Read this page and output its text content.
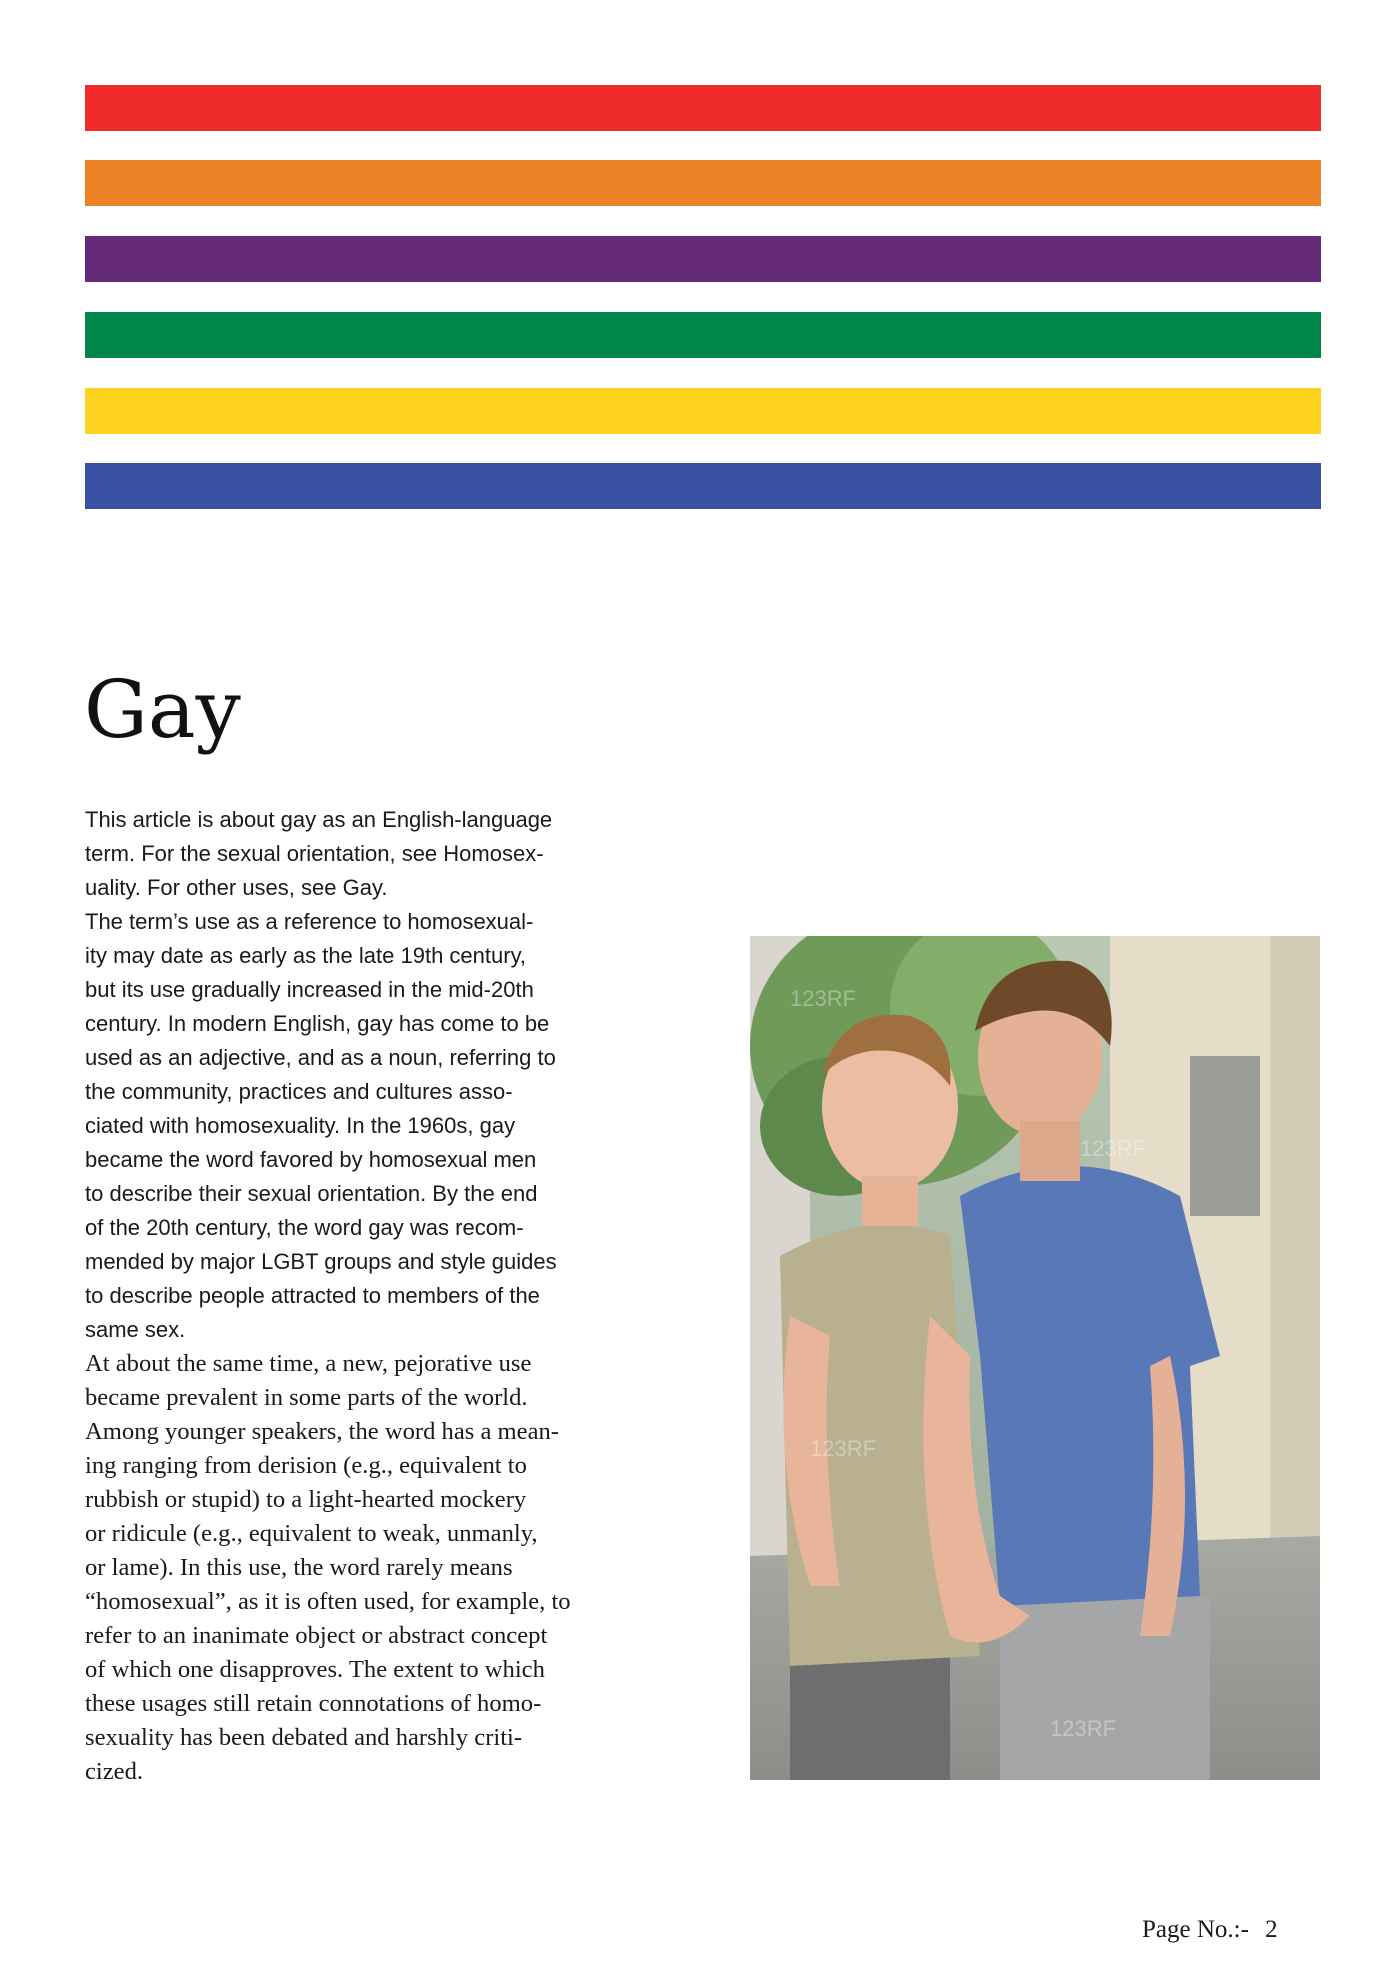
Gay
This article is about gay as an English-language
term. For the sexual orientation, see Homosex-
uality. For other uses, see Gay.
The term’s use as a reference to homosexual-
ity may date as early as the late 19th century,
but its use gradually increased in the mid-20th
century. In modern English, gay has come to be
used as an adjective, and as a noun, referring to
the community, practices and cultures asso-
ciated with homosexuality. In the 1960s, gay
became the word favored by homosexual men
to describe their sexual orientation. By the end
of the 20th century, the word gay was recom-
mended by major LGBT groups and style guides
to describe people attracted to members of the
same sex.
At about the same time, a new, pejorative use
became prevalent in some parts of the world.
Among younger speakers, the word has a mean-
ing ranging from derision (e.g., equivalent to
rubbish or stupid) to a light-hearted mockery
or ridicule (e.g., equivalent to weak, unmanly,
or lame). In this use, the word rarely means
“homosexual”, as it is often used, for example, to
refer to an inanimate object or abstract concept
of which one disapproves. The extent to which
these usages still retain connotations of homo-
sexuality has been debated and harshly criti-
cized.
123RF
123RF
123RF
123RF
Page No.:- 2
